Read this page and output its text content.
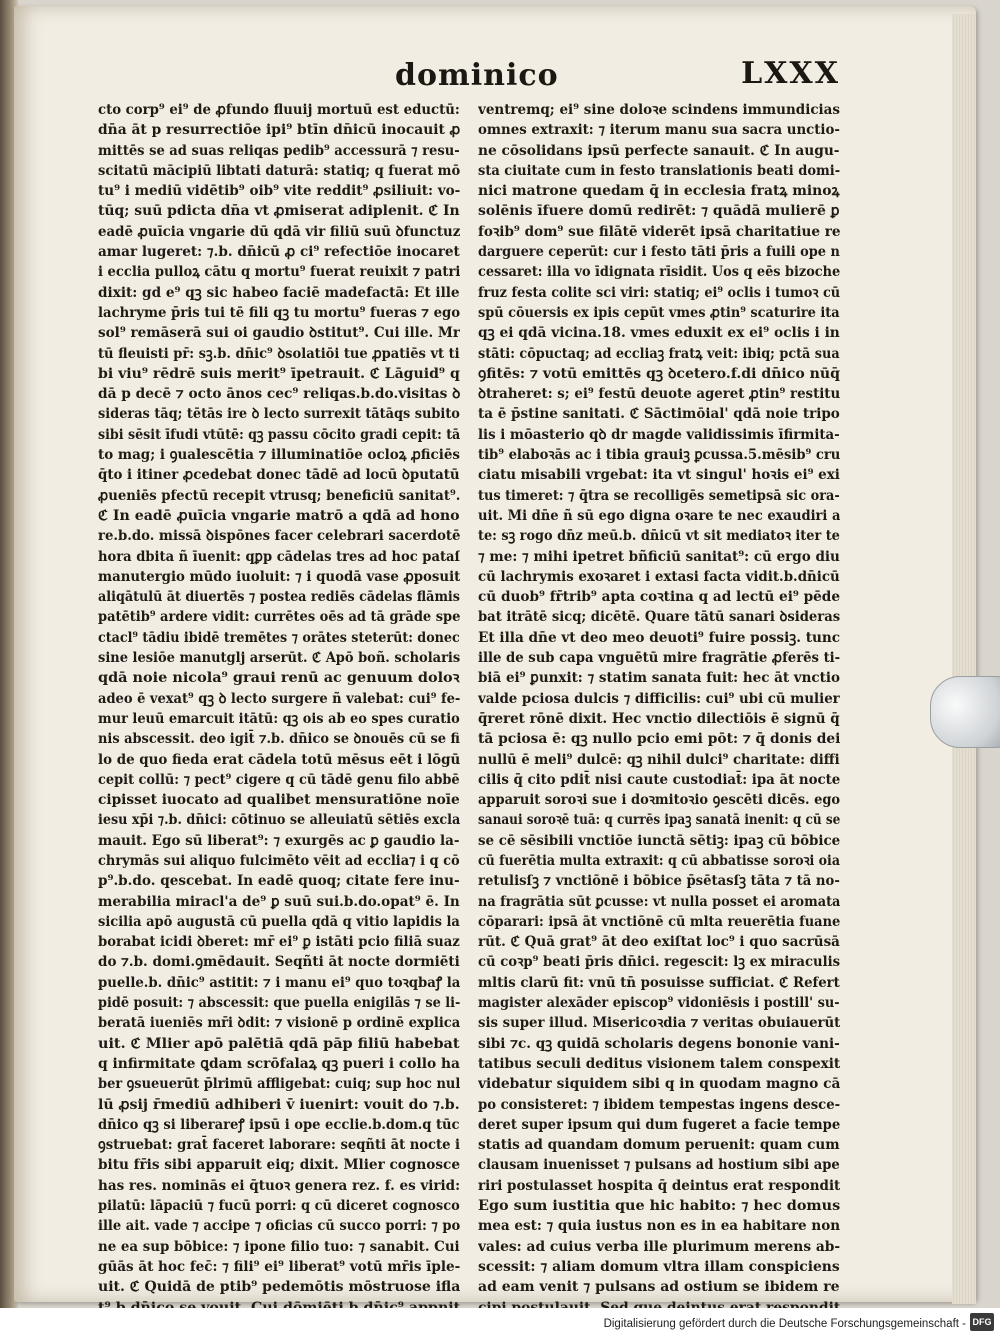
dominico	LXXX
cto corp⁹ ei⁹ de ꝓfundo fluuij mortuū est eductū:
dn̄a āt p resurrectiōe ipi⁹ btīn dn̄icū inocauit ꝓ
mittēs se ad suas reliqas pedib⁹ accessurā ⁊ resu-
scitatū mācipiū libtati daturā: statiq; q fuerat mō
tu⁹ i mediū vidētib⁹ oib⁹ vite reddit⁹ ꝓsiliuit: vo-
tūq; suū pdicta dn̄a vt ꝓmiserat adiplenit. ℭ In
eadē ꝓuīcia vngarie dū qdā vir filiū suū ꝺfunctuz
amar lugeret: ⁊.b. dn̄icū ꝓ ci⁹ refectiōe inocaret
i ecclia pulloꝝ cātu q mortu⁹ fuerat reuixit ⁊ patri
dixit: gd e⁹ qꝫ sic habeo faciē madefactā: Et ille
lachryme p̄ris tui tē fili qꝫ tu mortu⁹ fueras ⁊ ego
sol⁹ remāserā sui oi gaudio ꝺstitut⁹. Cui ille. Mr
tū fleuisti pr̄: sꝫ.b. dn̄ic⁹ ꝺsolatiōi tue ꝓpatiēs vt ti
bi viu⁹ rēdrē suis merit⁹ īpetrauit. ℭ Lāguid⁹ q
dā p decē ⁊ octo ānos cec⁹ reliqas.b.do.visitas ꝺ
sideras tāq; tētās ire ꝺ lecto surrexit tātāqs subito
sibi sēsit īfudi vtūtē: qꝫ passu cōcito gradi cepit: tā
to mag; i ꝯualescētia ⁊ illuminatiōe ocloꝝ ꝓficiēs
q̄to i itiner ꝓcedebat donec tādē ad locū ꝺputatū
ꝓueniēs pfectū recepit vtrusq; beneficiū sanitat⁹.
ℭ In eadē ꝓuīcia vngarie matrō a qdā ad hono
re.b.do. missā ꝺispōnes facer celebrari sacerdotē
hora dbita ñ īuenit: qꝑp cādelas tres ad hoc pataſ
manutergio mūdo iuoluit: ⁊ i quodā vase ꝓposuit
aliqātulū āt diuertēs ⁊ postea rediēs cādelas flāmis
patētib⁹ ardere vidit: currētes oēs ad tā grāde spe
ctacl⁹ tādiu ibidē tremētes ⁊ orātes steterūt: donec
sine lesiōe manutglj arserūt. ℭ Apō boñ. scholaris
qdā noie nicola⁹ graui renū ac genuum doloꝛ
adeo ē vexat⁹ qꝫ ꝺ lecto surgere ñ valebat: cui⁹ fe-
mur leuū emarcuit itātū: qꝫ ois ab eo spes curatio
nis abscessit. deo igit̄ ⁊.b. dn̄ico se ꝺnouēs cū se fi
lo de quo fieda erat cādela totū mēsus eēt i lōgū
cepit collū: ⁊ pect⁹ cigere q cū tādē genu filo abbē
cipisset iuocato ad qualibet mensuratiōne noīe
iesu xp̄i ⁊.b. dn̄ici: cōtinuo se alleuiatū sētiēs excla
mauit. Ego sū liberat⁹: ⁊ exurgēs ac ꝑ gaudio la-
chrymās sui aliquo fulcimēto vēit ad ecclia⁊ i q cō
p⁹.b.do. qescebat. In eadē quoq; citate fere inu-
merabilia miracl'a de⁹ ꝑ suū sui.b.do.opat⁹ ē. In
sicilia apō augustā cū puella qdā q vitio lapidis la
borabat icidi ꝺberet: mr̄ ei⁹ ꝑ istāti pcio filiā suaz
do ⁊.b. domi.ꝯmēdauit. Seqñti āt nocte dormiēti
puelle.b. dn̄ic⁹ astitit: ⁊ i manu ei⁹ quo toꝛqbaꝭ la
pidē posuit: ⁊ abscessit: que puella enigilās ⁊ se li-
beratā iueniēs mr̄i ꝺdit: ⁊ visionē p ordinē explica
uit. ℭ Mlier apō palētiā qdā pāp filiū habebat
q infirmitate ꝗdam scrōfalaꝝ qꝫ pueri i collo ha
ber ꝯsueuerūt p̄lrimū affligebat: cuiq; sup hoc nul
lū ꝓsij r̄mediū adhiberi v̄ iuenirt: vouit do ⁊.b.
dn̄ico qꝫ si liberareꝭ ipsū i ope ecclie.b.dom.q tūc
ꝯstruebat: grat̄ faceret laborare: seqñti āt nocte i
bitu fr̄is sibi apparuit eiq; dixit. Mlier cognosce
has res. nominās ei q̄tuoꝛ genera rez. f. es virid:
pilatū: lāpaciū ⁊ fucū porri: q cū diceret cognosco
ille ait. vade ⁊ accipe ⁊ oficias cū succo porri: ⁊ po
ne ea sup bōbice: ⁊ ipone filio tuo: ⁊ sanabit. Cui
gūās āt hoc fec̄: ⁊ fili⁹ ei⁹ liberat⁹ votū mr̄is īple-
uit. ℭ Quidā de ptib⁹ pedemōtis mōstruose ifla
ventremq; ei⁹ sine doloꝛe scindens immundicias
omnes extraxit: ⁊ iterum manu sua sacra unctio-
ne cōsolidans ipsū perfecte sanauit. ℭ In augu-
sta ciuitate cum in festo translationis beati domi-
nici matrone quedam q̄ in ecclesia fratꝝ minoꝝ
solēnis īfuere domū redirēt: ⁊ quādā mulierē ꝑ
foꝛib⁹ dom⁹ sue filātē viderēt ipsā charitatiue re
darguere ceperūt: cur i festo tāti p̄ris a fuili ope n
cessaret: illa vo īdignata rīsidit. Uos q eēs bizoche
fruz festa colite sci viri: statiq; ei⁹ oclis i tumoꝛ cū
spū cōuersis ex ipis cepūt vmes ꝓtin⁹ scaturire ita
qꝫ ei qdā vicina.18. vmes eduxit ex ei⁹ oclis i in
stāti: cōpuctaq; ad eccliaꝫ fratꝝ veit: ibiq; pctā sua
ꝯfitēs: ⁊ votū emittēs qꝫ ꝺcetero.f.di dn̄ico nūq̄
ꝺtraheret: s; ei⁹ festū deuote ageret ꝓtin⁹ restitu
ta ē p̄stine sanitati. ℭ Sāctimōial' qdā noie tripo
lis i mōasterio qꝺ dr magde validissimis īfirmita-
tib⁹ elaboꝛās ac i tibia grauiꝫ ꝑcussa.5.mēsib⁹ cru
ciatu misabili vrgebat: ita vt singul' hoꝛis ei⁹ exi
tus timeret: ⁊ q̄tra se recolligēs semetipsā sic ora-
uit. Mi dn̄e ñ sū ego digna oꝛare te nec exaudiri a
te: sꝫ rogo dn̄z meū.b. dn̄icū vt sit mediatoꝛ iter te
⁊ me: ⁊ mihi ipetret bñficiū sanitat⁹: cū ergo diu
cū lachrymis exoꝛaret i extasi facta vidit.b.dn̄icū
cū duob⁹ fr̄trib⁹ apta coꝛtina q ad lectū ei⁹ pēde
bat itrātē sicq; dicētē. Quare tātū sanari ꝺsideras
Et illa dn̄e vt deo meo deuoti⁹ fuire possiꝫ. tunc
ille de sub capa vnguētū mire fragrātie ꝓferēs ti-
biā ei⁹ ꝑunxit: ⁊ statim sanata fuit: hec āt vnctio
valde pciosa dulcis ⁊ difficilis: cui⁹ ubi cū mulier
q̄reret rōnē dixit. Hec vnctio dilectiōis ē signū q̄
tā pciosa ē: qꝫ nullo pcio emi pōt: ⁊ q̄ donis dei
nullū ē meli⁹ dulcē: qꝫ nihil dulci⁹ charitate: diffi
cilis q̄ cito pdit̄ nisi caute custodiat̄: ipa āt nocte
apparuit soroꝛi sue i doꝛmitoꝛio ꝯescēti dicēs. ego
sanaui soroꝛē tuā: q currēs ipaꝫ sanatā inenit: q cū se
se cē sēsibili vnctiōe iunctā sētiꝫ: ipaꝫ cū bōbice
cū fuerētia multa extraxit: q cū abbatisse soroꝛi oia
retulisſꝫ ⁊ vnctiōnē i bōbice p̄sētasſꝫ tāta ⁊ tā no-
na fragrātia sūt ꝑcusse: vt nulla posset ei aromata
cōparari: ipsā āt vnctiōnē cū mlta reuerētia fuane
rūt. ℭ Quā grat⁹ āt deo exiſtat loc⁹ i quo sacrūsā
cū coꝛp⁹ beati p̄ris dn̄ici. regescit: lꝫ ex miraculis
mltis clarū fit: vnū tn̄ posuisse sufficiat. ℭ Refert
magister alexāder episcop⁹ vidoniēsis i postill' su-
sis super illud. Misericoꝛdia ⁊ veritas obuiauerūt
sibi ⁊c. qꝫ quidā scholaris degens bononie vani-
tatibus seculi deditus visionem talem conspexit
videbatur siquidem sibi q in quodam magno cā
po consisteret: ⁊ ibidem tempestas ingens desce-
deret super ipsum qui dum fugeret a facie tempe
statis ad quandam domum peruenit: quam cum
clausam inuenisset ⁊ pulsans ad hostium sibi ape
riri postulasset hospita q̄ deintus erat respondit
Ego sum iustitia que hic habito: ⁊ hec domus
mea est: ⁊ quia iustus non es in ea habitare non
vales: ad cuius verba ille plurimum merens ab-
scessit: ⁊ aliam domum vltra illam conspiciens
ad eam venit ⁊ pulsans ad ostium se ibidem re
Digitalisierung gefördert durch die Deutsche Forschungsgemeinschaft - DFG
